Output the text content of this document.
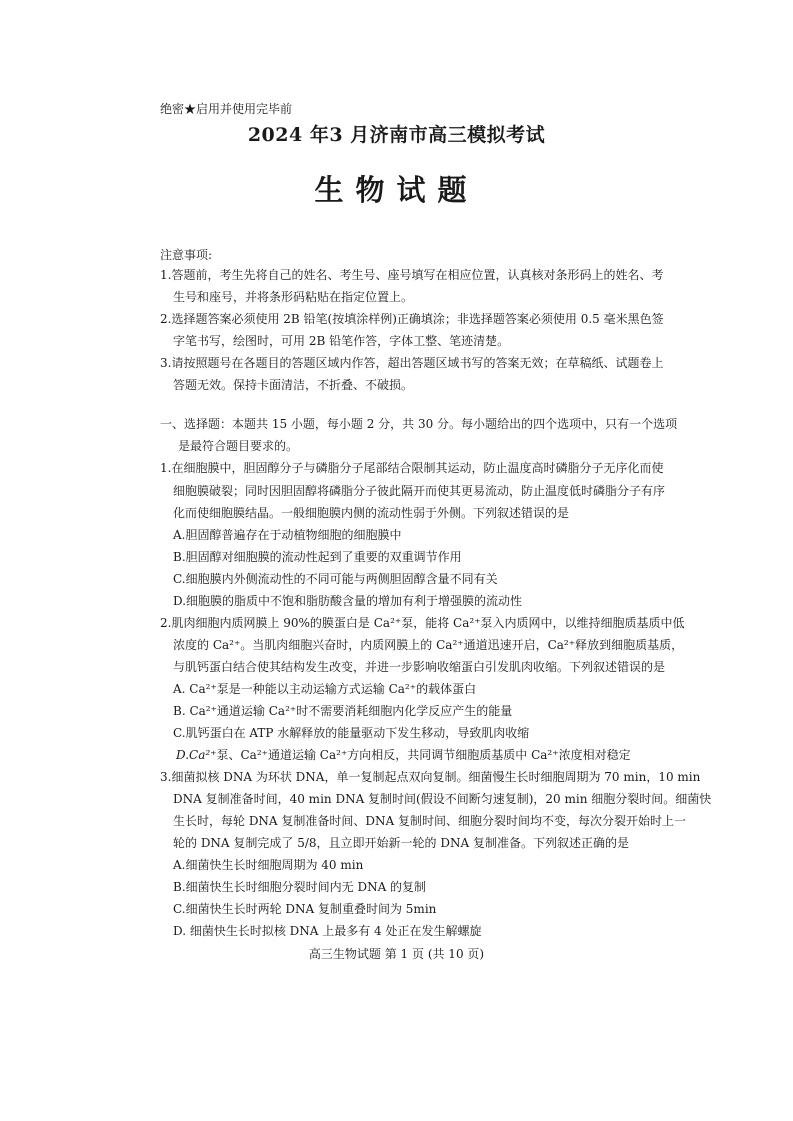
绝密★启用并使用完毕前
2024 年3 月济南市高三模拟考试
生物试题
注意事项:
1.答题前，考生先将自己的姓名、考生号、座号填写在相应位置，认真核对条形码上的姓名、考
生号和座号，并将条形码粘贴在指定位置上。
2.选择题答案必须使用 2B 铅笔(按填涂样例)正确填涂；非选择题答案必须使用 0.5 毫米黑色签
字笔书写，绘图时，可用 2B 铅笔作答，字体工整、笔迹清楚。
3.请按照题号在各题目的答题区域内作答，超出答题区域书写的答案无效；在草稿纸、试题卷上
答题无效。保持卡面清洁，不折叠、不破损。
一、选择题：本题共 15 小题，每小题 2 分，共 30 分。每小题给出的四个选项中，只有一个选项
是最符合题目要求的。
1.在细胞膜中，胆固醇分子与磷脂分子尾部结合限制其运动，防止温度高时磷脂分子无序化而使
细胞膜破裂；同时因胆固醇将磷脂分子彼此隔开而使其更易流动，防止温度低时磷脂分子有序
化而使细胞膜结晶。一般细胞膜内侧的流动性弱于外侧。下列叙述错误的是
A.胆固醇普遍存在于动植物细胞的细胞膜中
B.胆固醇对细胞膜的流动性起到了重要的双重调节作用
C.细胞膜内外侧流动性的不同可能与两侧胆固醇含量不同有关
D.细胞膜的脂质中不饱和脂肪酸含量的增加有利于增强膜的流动性
2.肌肉细胞内质网膜上 90%的膜蛋白是 Ca²⁺泵，能将 Ca²⁺泵入内质网中，以维持细胞质基质中低
浓度的 Ca²⁺。当肌肉细胞兴奋时，内质网膜上的 Ca²⁺通道迅速开启，Ca²⁺释放到细胞质基质，
与肌钙蛋白结合使其结构发生改变，并进一步影响收缩蛋白引发肌肉收缩。下列叙述错误的是
A. Ca²⁺泵是一种能以主动运输方式运输 Ca²⁺的载体蛋白
B. Ca²⁺通道运输 Ca²⁺时不需要消耗细胞内化学反应产生的能量
C.肌钙蛋白在 ATP 水解释放的能量驱动下发生移动，导致肌肉收缩
D.Ca²⁺泵、Ca²⁺通道运输 Ca²⁺方向相反，共同调节细胞质基质中 Ca²⁺浓度相对稳定
3.细菌拟核 DNA 为环状 DNA，单一复制起点双向复制。细菌慢生长时细胞周期为 70 min，10 min
DNA 复制准备时间，40 min DNA 复制时间(假设不间断匀速复制)，20 min 细胞分裂时间。细菌快
生长时，每轮 DNA 复制准备时间、DNA 复制时间、细胞分裂时间均不变，每次分裂开始时上一
轮的 DNA 复制完成了 5/8，且立即开始新一轮的 DNA 复制准备。下列叙述正确的是
A.细菌快生长时细胞周期为 40 min
B.细菌快生长时细胞分裂时间内无 DNA 的复制
C.细菌快生长时两轮 DNA 复制重叠时间为 5min
D. 细菌快生长时拟核 DNA 上最多有 4 处正在发生解螺旋
高三生物试题 第 1 页 (共 10 页)
